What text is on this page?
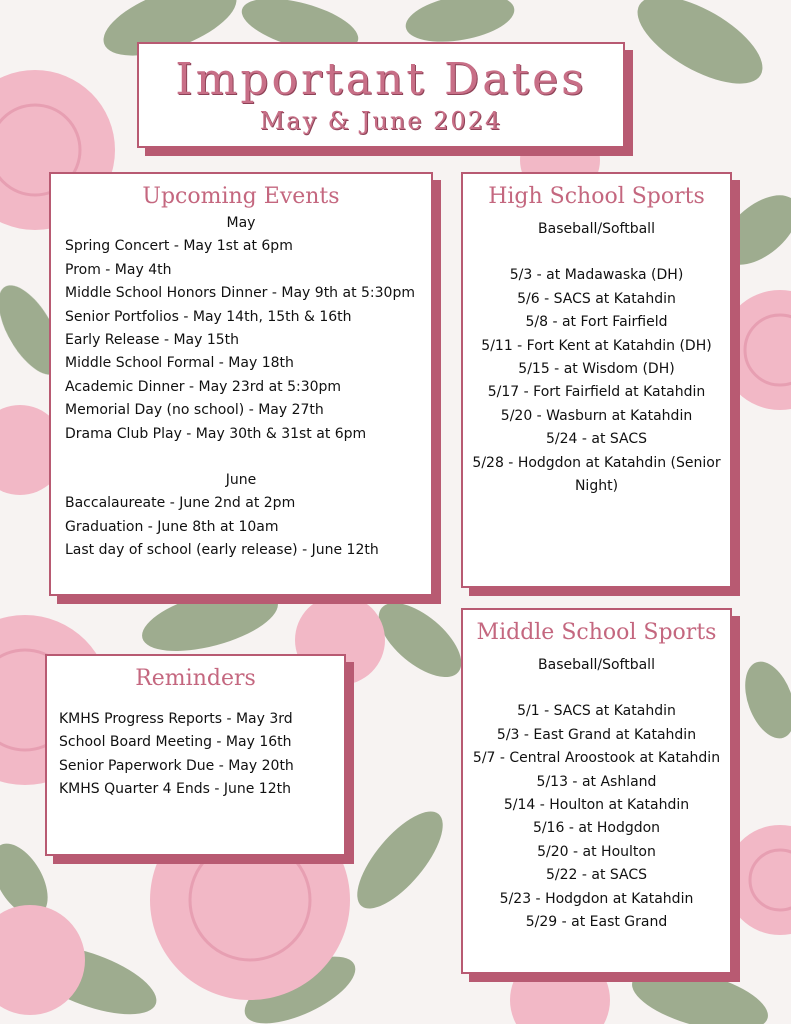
Important Dates
May & June 2024
Upcoming Events
May
Spring Concert - May 1st at 6pm
Prom - May 4th
Middle School Honors Dinner - May 9th at 5:30pm
Senior Portfolios - May 14th, 15th & 16th
Early Release - May 15th
Middle School Formal - May 18th
Academic Dinner - May 23rd at 5:30pm
Memorial Day (no school) - May 27th
Drama Club Play - May 30th & 31st at 6pm
June
Baccalaureate - June 2nd at 2pm
Graduation - June 8th at 10am
Last day of school (early release) - June 12th
High School Sports
Baseball/Softball
5/3 - at Madawaska (DH)
5/6 - SACS at Katahdin
5/8 - at Fort Fairfield
5/11 - Fort Kent at Katahdin (DH)
5/15 - at Wisdom (DH)
5/17 - Fort Fairfield at Katahdin
5/20 - Wasburn at Katahdin
5/24 - at SACS
5/28 - Hodgdon at Katahdin (Senior
Night)
Reminders
KMHS Progress Reports - May 3rd
School Board Meeting - May 16th
Senior Paperwork Due - May 20th
KMHS Quarter 4 Ends - June 12th
Middle School Sports
Baseball/Softball
5/1 - SACS at Katahdin
5/3 - East Grand at Katahdin
5/7 - Central Aroostook at Katahdin
5/13 - at Ashland
5/14 - Houlton at Katahdin
5/16 - at Hodgdon
5/20 - at Houlton
5/22 - at SACS
5/23 - Hodgdon at Katahdin
5/29 - at East Grand
